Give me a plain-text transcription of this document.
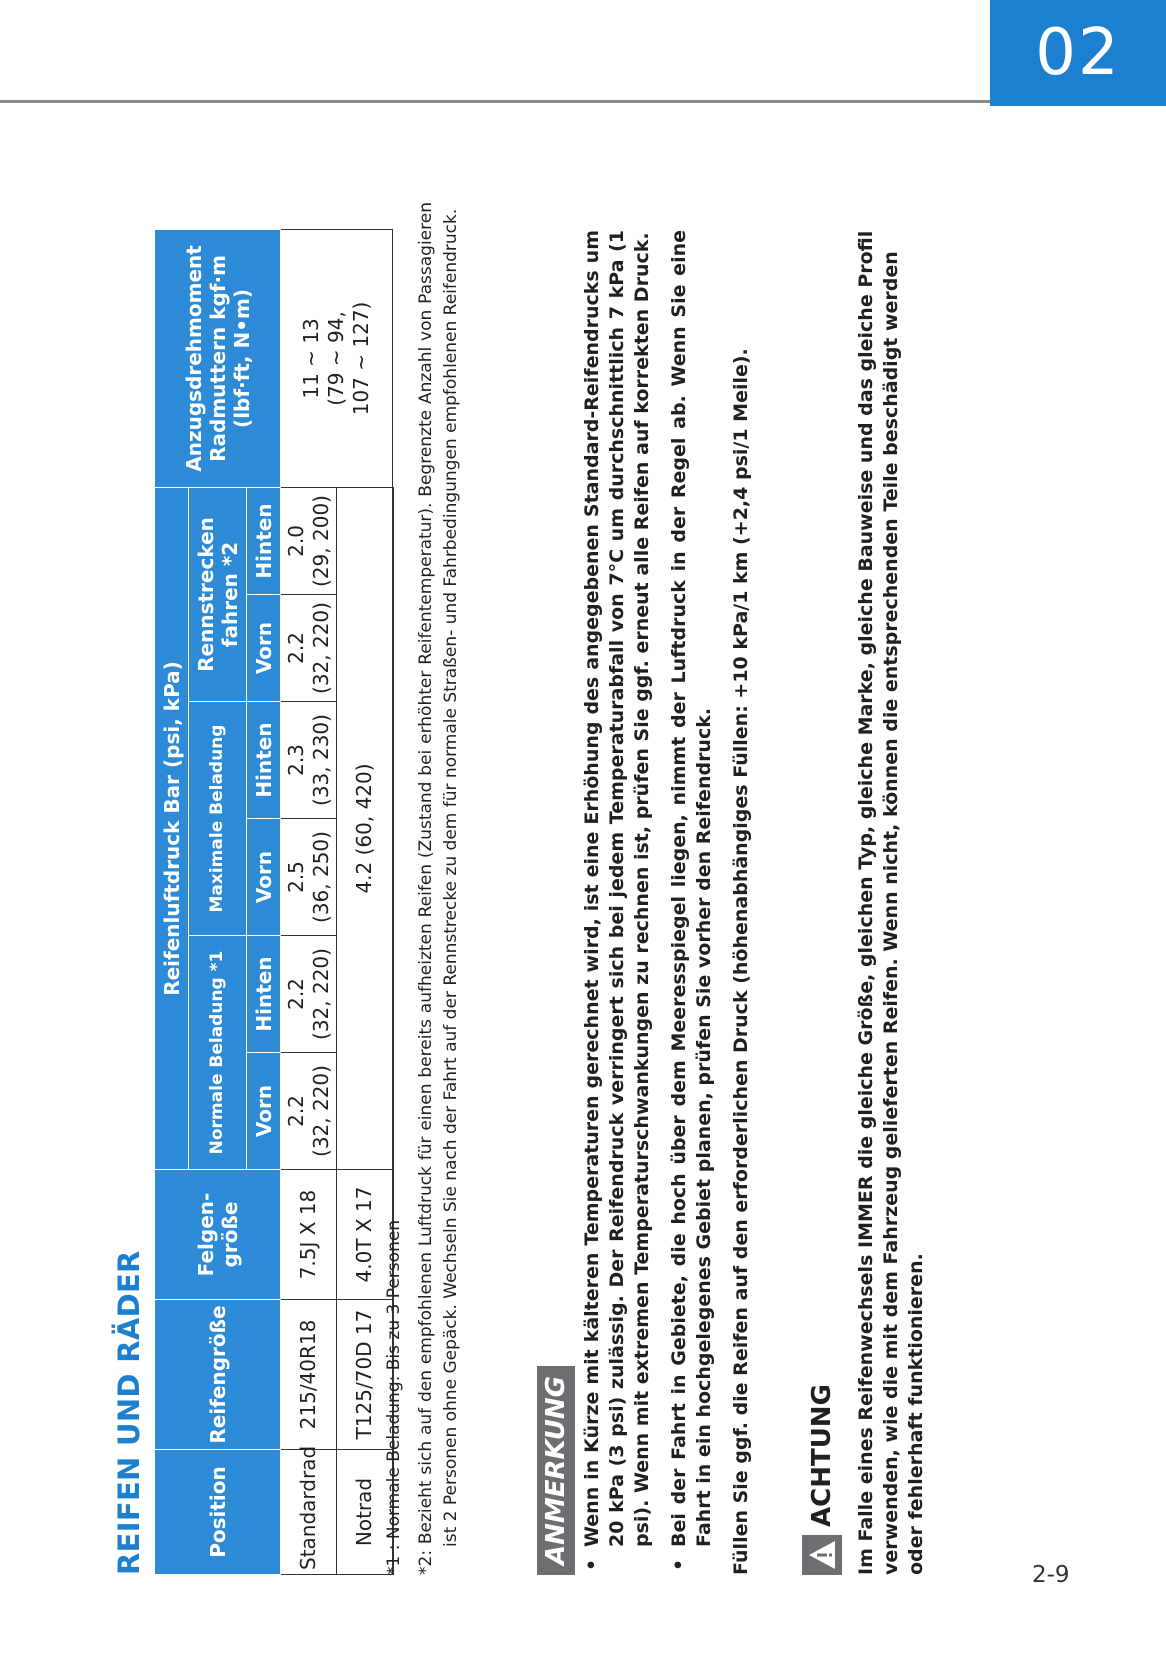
02
2-9
REIFEN UND RÄDER	Position	Reifengröße	Felgen-größe	Reifenluftdruck Bar (psi, kPa)						Anzugsdrehmoment Radmuttern kgf·m (lbf·ft, N•m)
			Normale Beladung *1		Maximale Beladung		Rennstrecken fahren *2		
			Vorn	Hinten	Vorn	Hinten	Vorn	Hinten	
Standardrad	215/40R18	7.5J X 18	2.2 (32, 220)	2.2 (32, 220)	2.5 (36, 250)	2.3 (33, 230)	2.2 (32, 220)	2.0 (29, 200)	11 ~ 13 (79 ~ 94, 107 ~ 127)

Notrad	T125/70D 17	4.0T X 17	4.2 (60, 420)						
*1 : Normale Beladung: Bis zu 3 Personen *2: Bezieht sich auf den empfohlenen Luftdruck für einen bereits aufheizten Reifen (Zustand bei erhöhter Reifentemperatur). Begrenzte Anzahl von Passagieren ist 2 Personen ohne Gepäck. Wechseln Sie nach der Fahrt auf der Rennstrecke zu dem für normale Straßen- und Fahrbedingungen empfohlenen Reifendruck.	ANMERKUNG •
Wenn in Kürze mit kälteren Temperaturen gerechnet wird, ist eine Erhöhung des angegebenen Standard-Reifendrucks um 20 kPa (3 psi) zulässig. Der Reifendruck verringert sich bei jedem Temperaturabfall von 7°C um durchschnittlich 7 kPa (1 psi). Wenn mit extremen Temperaturschwankungen zu rechnen ist, prüfen Sie ggf. erneut alle Reifen auf korrekten Druck.
•
Bei der Fahrt in Gebiete, die hoch über dem Meeresspiegel liegen, nimmt der Luftdruck in der Regel ab. Wenn Sie eine Fahrt in ein hochgelegenes Gebiet planen, prüfen Sie vorher den Reifendruck. Füllen Sie ggf. die Reifen auf den erforderlichen Druck (höhenabhängiges Füllen: +10 kPa/1 km (+2,4 psi/1 Meile). ACHTUNG Im Falle eines Reifenwechsels IMMER die gleiche Größe, gleichen Typ, gleiche Marke, gleiche Bauweise und das gleiche Profil verwenden, wie die mit dem Fahrzeug gelieferten Reifen. Wenn nicht, können die entsprechenden Teile beschädigt werden oder fehlerhaft funktionieren.
